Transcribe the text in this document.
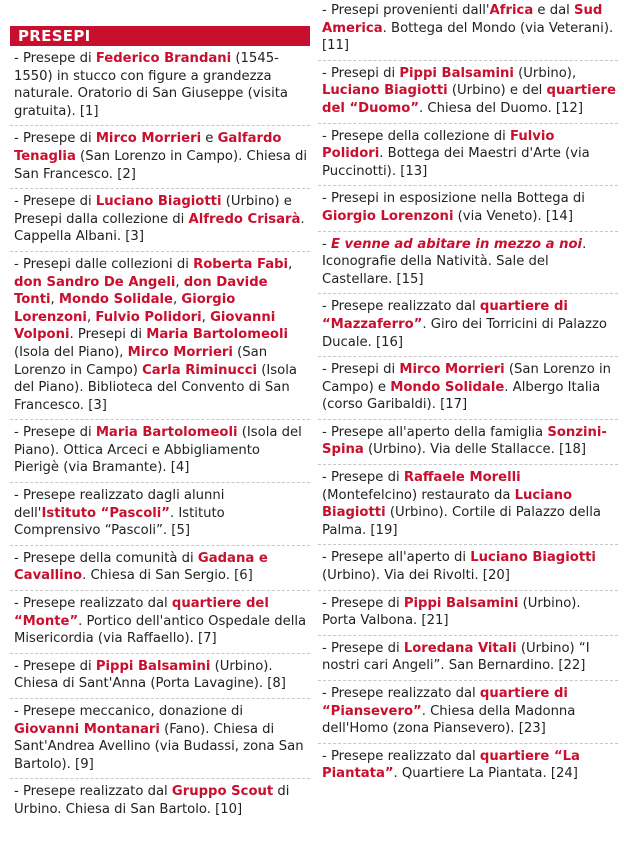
PRESEPI
- Presepe di Federico Brandani (1545-1550) in stucco con figure a grandezza naturale. Oratorio di San Giuseppe (visita gratuita). [1]
- Presepe di Mirco Morrieri e Galfardo Tenaglia (San Lorenzo in Campo). Chiesa di San Francesco. [2]
- Presepe di Luciano Biagiotti (Urbino) e Presepi dalla collezione di Alfredo Crisarà. Cappella Albani. [3]
- Presepi dalle collezioni di Roberta Fabi, don Sandro De Angeli, don Davide Tonti, Mondo Solidale, Giorgio Lorenzoni, Fulvio Polidori, Giovanni Volponi. Presepi di Maria Bartolomeoli (Isola del Piano), Mirco Morrieri (San Lorenzo in Campo) Carla Riminucci (Isola del Piano). Biblioteca del Convento di San Francesco. [3]
- Presepe di Maria Bartolomeoli (Isola del Piano). Ottica Arceci e Abbigliamento Pierigè (via Bramante). [4]
- Presepe realizzato dagli alunni dell'Istituto “Pascoli”. Istituto Comprensivo “Pascoli”. [5]
- Presepe della comunità di Gadana e Cavallino. Chiesa di San Sergio. [6]
- Presepe realizzato dal quartiere del “Monte”. Portico dell'antico Ospedale della Misericordia (via Raffaello). [7]
- Presepe di Pippi Balsamini (Urbino). Chiesa di Sant'Anna (Porta Lavagine). [8]
- Presepe meccanico, donazione di Giovanni Montanari (Fano). Chiesa di Sant'Andrea Avellino (via Budassi, zona San Bartolo). [9]
- Presepe realizzato dal Gruppo Scout di Urbino. Chiesa di San Bartolo. [10]
- Presepi provenienti dall'Africa e dal Sud America. Bottega del Mondo (via Veterani). [11]
- Presepi di Pippi Balsamini (Urbino), Luciano Biagiotti (Urbino) e del quartiere del “Duomo”. Chiesa del Duomo. [12]
- Presepe della collezione di Fulvio Polidori. Bottega dei Maestri d'Arte (via Puccinotti). [13]
- Presepi in esposizione nella Bottega di Giorgio Lorenzoni (via Veneto). [14]
- E venne ad abitare in mezzo a noi. Iconografie della Natività. Sale del Castellare. [15]
- Presepe realizzato dal quartiere di “Mazzaferro”. Giro dei Torricini di Palazzo Ducale. [16]
- Presepi di Mirco Morrieri (San Lorenzo in Campo) e Mondo Solidale. Albergo Italia (corso Garibaldi). [17]
- Presepe all'aperto della famiglia Sonzini-Spina (Urbino). Via delle Stallacce. [18]
- Presepe di Raffaele Morelli (Montefelcino) restaurato da Luciano Biagiotti (Urbino). Cortile di Palazzo della Palma. [19]
- Presepe all'aperto di Luciano Biagiotti (Urbino). Via dei Rivolti. [20]
- Presepe di Pippi Balsamini (Urbino). Porta Valbona. [21]
- Presepe di Loredana Vitali (Urbino) “I nostri cari Angeli”. San Bernardino. [22]
- Presepe realizzato dal quartiere di “Piansevero”. Chiesa della Madonna dell'Homo (zona Piansevero). [23]
- Presepe realizzato dal quartiere “La Piantata”. Quartiere La Piantata. [24]
